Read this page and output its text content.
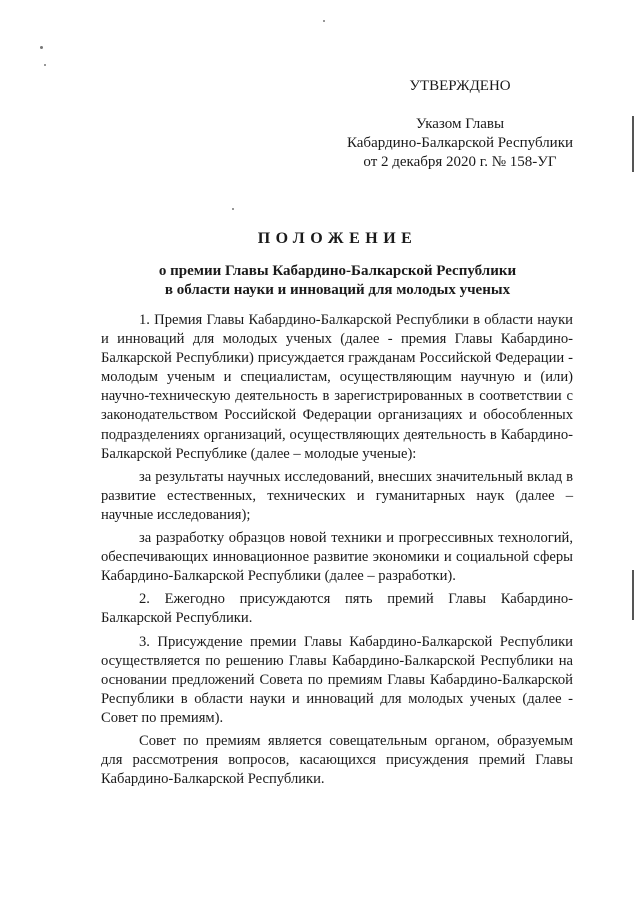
УТВЕРЖДЕНО
Указом Главы
Кабардино-Балкарской Республики
от 2 декабря 2020 г. № 158-УГ
ПОЛОЖЕНИЕ
о премии Главы Кабардино-Балкарской Республики
в области науки и инноваций для молодых ученых

1. Премия Главы Кабардино-Балкарской Республики в области науки и инноваций для молодых ученых (далее - премия Главы Кабардино-Балкарской Республики) присуждается гражданам Российской Федерации - молодым ученым и специалистам, осуществляющим научную и (или) научно-техническую деятельность в зарегистрированных в соответствии с законодательством Российской Федерации организациях и обособленных подразделениях организаций, осуществляющих деятельность в Кабардино-Балкарской Республике (далее – молодые ученые):

за результаты научных исследований, внесших значительный вклад в развитие естественных, технических и гуманитарных наук (далее – научные исследования);

за разработку образцов новой техники и прогрессивных технологий, обеспечивающих инновационное развитие экономики и социальной сферы Кабардино-Балкарской Республики (далее – разработки).

2. Ежегодно присуждаются пять премий Главы Кабардино-Балкарской Республики.

3. Присуждение премии Главы Кабардино-Балкарской Республики осуществляется по решению Главы Кабардино-Балкарской Республики на основании предложений Совета по премиям Главы Кабардино-Балкарской Республики в области науки и инноваций для молодых ученых (далее - Совет по премиям).

Совет по премиям является совещательным органом, образуемым для рассмотрения вопросов, касающихся присуждения премий Главы Кабардино-Балкарской Республики.
